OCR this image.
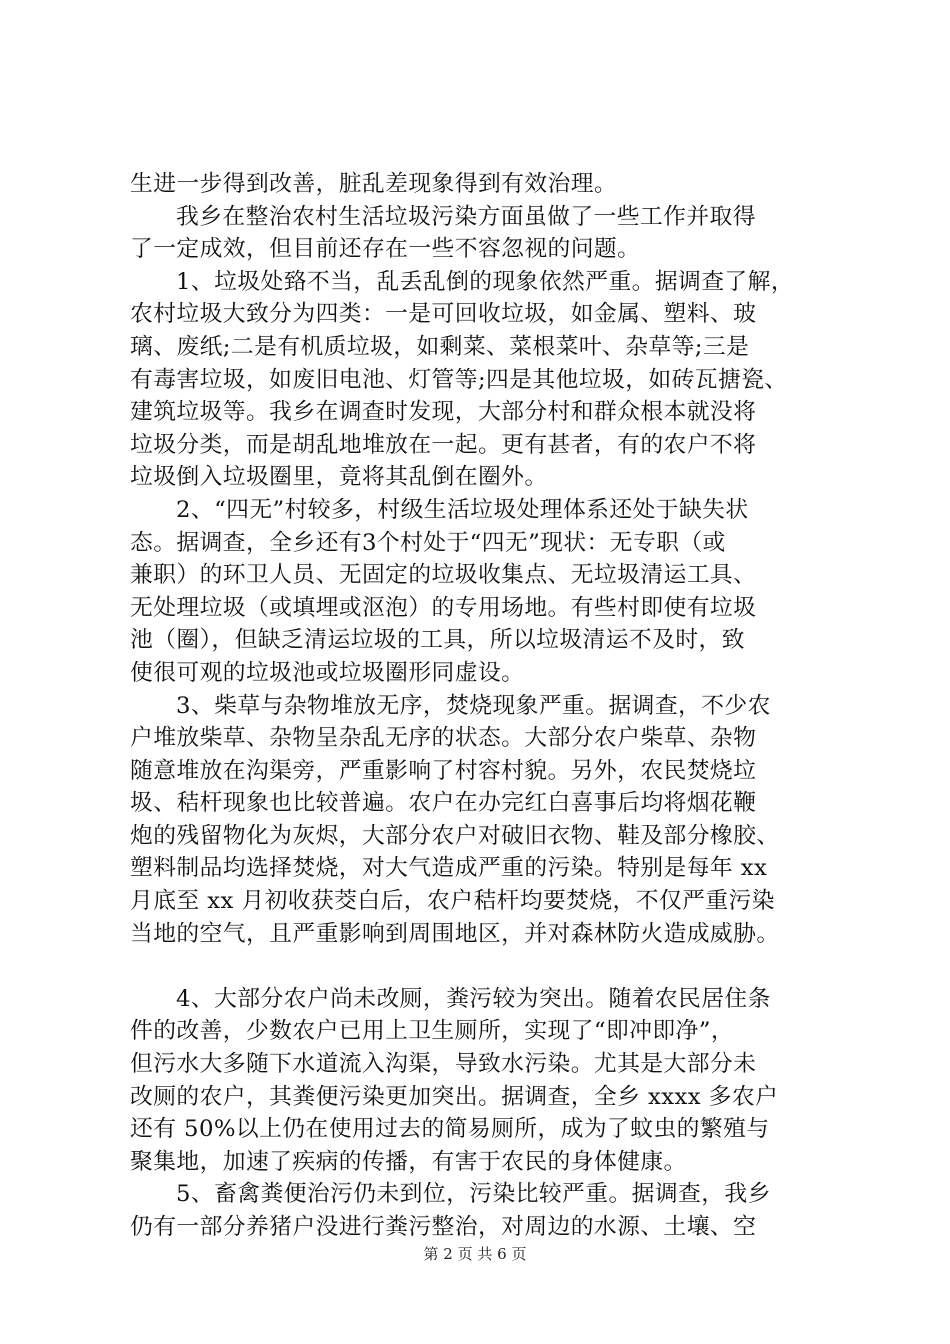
生进一步得到改善，脏乱差现象得到有效治理。
我乡在整治农村生活垃圾污染方面虽做了一些工作并取得
了一定成效，但目前还存在一些不容忽视的问题。
1、垃圾处臵不当，乱丢乱倒的现象依然严重。据调查了解，
农村垃圾大致分为四类：一是可回收垃圾，如金属、塑料、玻
璃、废纸;二是有机质垃圾，如剩菜、菜根菜叶、杂草等;三是
有毒害垃圾，如废旧电池、灯管等;四是其他垃圾，如砖瓦搪瓷、
建筑垃圾等。我乡在调查时发现，大部分村和群众根本就没将
垃圾分类，而是胡乱地堆放在一起。更有甚者，有的农户不将
垃圾倒入垃圾圈里，竟将其乱倒在圈外。
2、“四无”村较多，村级生活垃圾处理体系还处于缺失状
态。据调查，全乡还有3个村处于“四无”现状：无专职（或
兼职）的环卫人员、无固定的垃圾收集点、无垃圾清运工具、
无处理垃圾（或填埋或沤泡）的专用场地。有些村即使有垃圾
池（圈），但缺乏清运垃圾的工具，所以垃圾清运不及时，致
使很可观的垃圾池或垃圾圈形同虚设。
3、柴草与杂物堆放无序，焚烧现象严重。据调查，不少农
户堆放柴草、杂物呈杂乱无序的状态。大部分农户柴草、杂物
随意堆放在沟渠旁，严重影响了村容村貌。另外，农民焚烧垃
圾、秸杆现象也比较普遍。农户在办完红白喜事后均将烟花鞭
炮的残留物化为灰烬，大部分农户对破旧衣物、鞋及部分橡胶、
塑料制品均选择焚烧，对大气造成严重的污染。特别是每年 xx
月底至 xx 月初收获茭白后，农户秸杆均要焚烧，不仅严重污染
当地的空气，且严重影响到周围地区，并对森林防火造成威胁。
4、大部分农户尚未改厕，粪污较为突出。随着农民居住条
件的改善，少数农户已用上卫生厕所，实现了“即冲即净”，
但污水大多随下水道流入沟渠，导致水污染。尤其是大部分未
改厕的农户，其粪便污染更加突出。据调查，全乡 xxxx 多农户
还有 50%以上仍在使用过去的简易厕所，成为了蚊虫的繁殖与
聚集地，加速了疾病的传播，有害于农民的身体健康。
5、畜禽粪便治污仍未到位，污染比较严重。据调查，我乡
仍有一部分养猪户没进行粪污整治，对周边的水源、土壤、空
第 2 页 共 6 页
